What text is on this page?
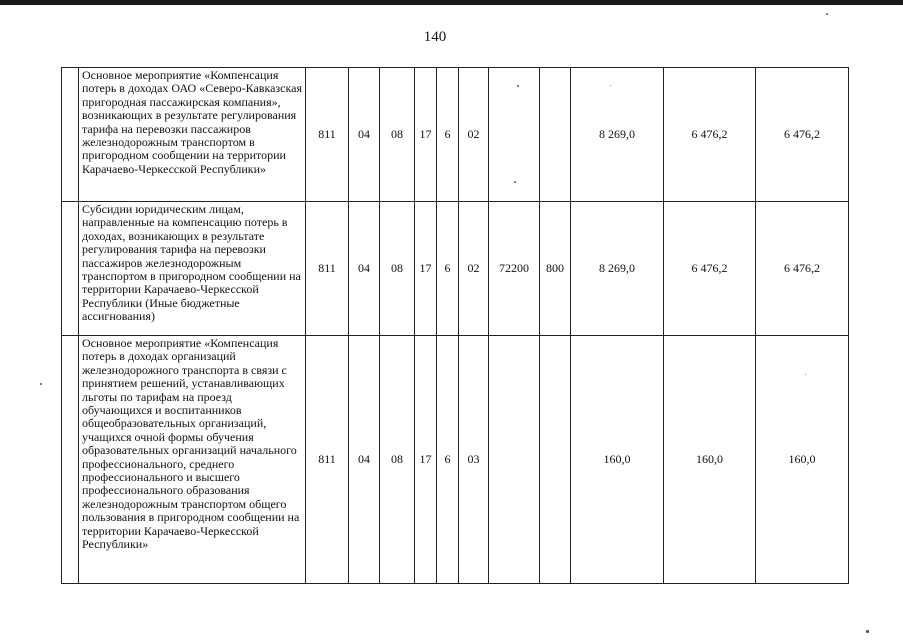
140
	Основное мероприятие «Компенсация потерь в доходах ОАО «Северо-Кавказская пригородная пассажирская компания», возникающих в результате регулирования тарифа на перевозки пассажиров железнодорожным транспортом в пригородном сообщении на территории Карачаево-Черкесской Республики»	811	04	08	17	6	02			8 269,0	6 476,2	6 476,2
	Субсидии юридическим лицам, направленные на компенсацию потерь в доходах, возникающих в результате регулирования тарифа на перевозки пассажиров железнодорожным транспортом в пригородном сообщении на территории Карачаево-Черкесской Республики (Иные бюджетные ассигнования)	811	04	08	17	6	02	72200	800	8 269,0	6 476,2	6 476,2
	Основное мероприятие «Компенсация потерь в доходах организаций железнодорожного транспорта в связи с принятием решений, устанавливающих льготы по тарифам на проезд обучающихся и воспитанников общеобразовательных организаций, учащихся очной формы обучения образовательных организаций начального профессионального, среднего профессионального и высшего профессионального образования железнодорожным транспортом общего пользования в пригородном сообщении на территории Карачаево-Черкесской Республики»	811	04	08	17	6	03			160,0	160,0	160,0
